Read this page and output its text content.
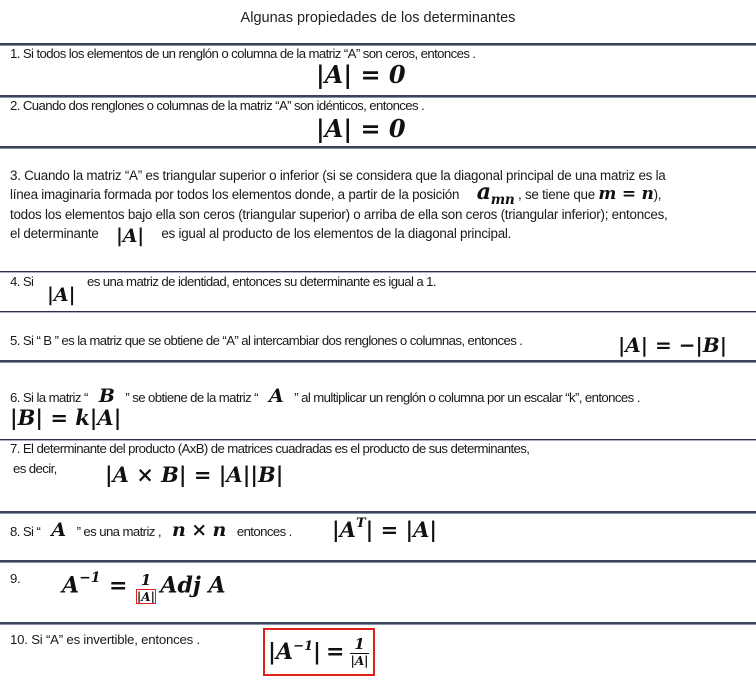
Algunas propiedades de los determinantes
1. Si todos los elementos de un renglón o columna de la matriz “A” son ceros, entonces .
|A| = 0
2. Cuando dos renglones o columnas de la matriz “A” son idénticos, entonces .
|A| = 0
3. Cuando la matriz “A” es triangular superior o inferior (si se considera que la diagonal principal de una matriz es la
línea imaginaria formada por todos los elementos donde, a partir de la posición $a_{mn}$ , se tiene que m = n),
todos los elementos bajo ella son ceros (triangular superior) o arriba de ella son ceros (triangular inferior); entonces,
el determinante |A| es igual al producto de los elementos de la diagonal principal.
4. Si
|A|
es una matriz de identidad, entonces su determinante es igual a 1.
5. Si “ B ” es la matriz que se obtiene de “A” al intercambiar dos renglones o columnas, entonces .	|A| = −|B|
6. Si la matriz “ B ” se obtiene de la matriz “ A ” al multiplicar un renglón o columna por un escalar “k”, entonces .
|B| = k|A|
7. El determinante del producto (AxB) de matrices cuadradas es el producto de sus determinantes,
es decir, |A × B| = |A||B|
8. Si “ A ” es una matriz , n × n entonces . $|A^T| = |A|$
9. $A^{-1} = \frac{1}{|A|}$ Adj A
10. Si “A” es invertible, entonces .	$|A^{-1}$ | = $\frac{1}{|A|}$
